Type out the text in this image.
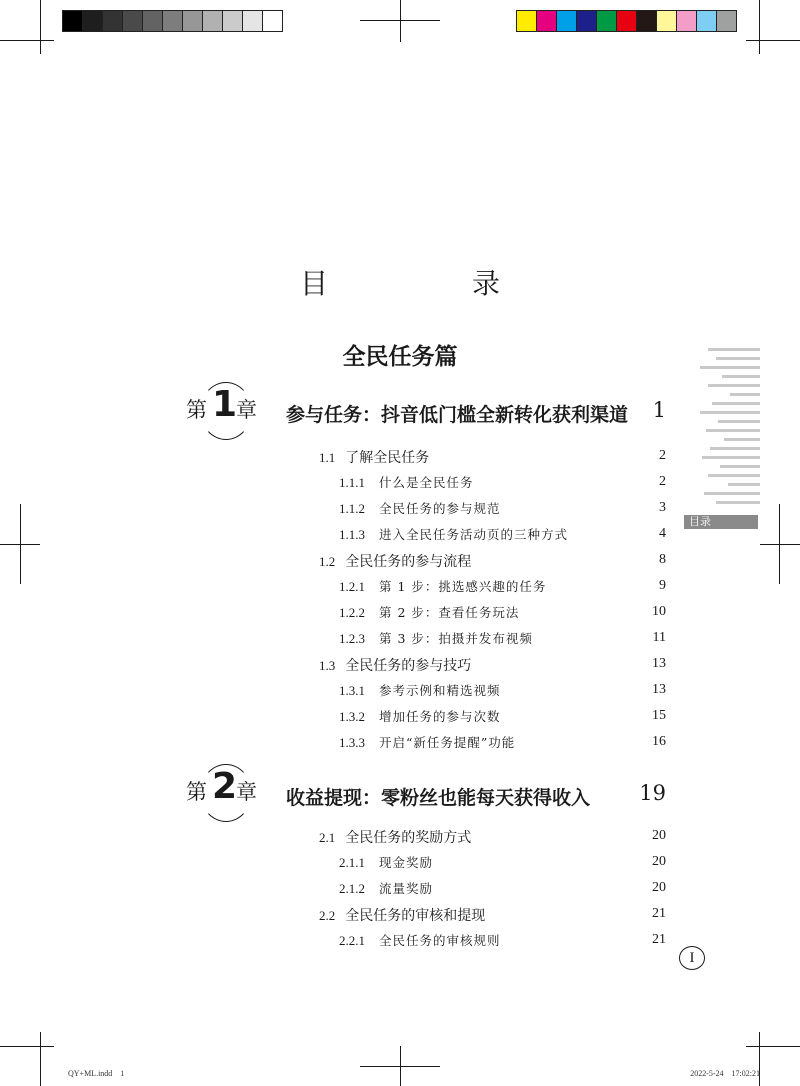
目录
目　录
全民任务篇
第 1
章 参与任务：抖音低门槛全新转化获利渠道 1
1.1 了解全民任务	2
1.1.1 什么是全民任务	2
1.1.2 全民任务的参与规范	3
1.1.3 进入全民任务活动页的三种方式	4
1.2 全民任务的参与流程	8
1.2.1 第 1 步：挑选感兴趣的任务	9
1.2.2 第 2 步：查看任务玩法	10
1.2.3 第 3 步：拍摄并发布视频	11
1.3 全民任务的参与技巧	13
1.3.1 参考示例和精选视频	13
1.3.2 增加任务的参与次数	15
1.3.3 开启“新任务提醒”功能	16
第 2
章 收益提现：零粉丝也能每天获得收入 19
2.1 全民任务的奖励方式	20
2.1.1 现金奖励	20
2.1.2 流量奖励	20
2.2 全民任务的审核和提现	21
2.2.1 全民任务的审核规则	21
I
QY+ML.indd　1	2022-5-24　17:02:21
